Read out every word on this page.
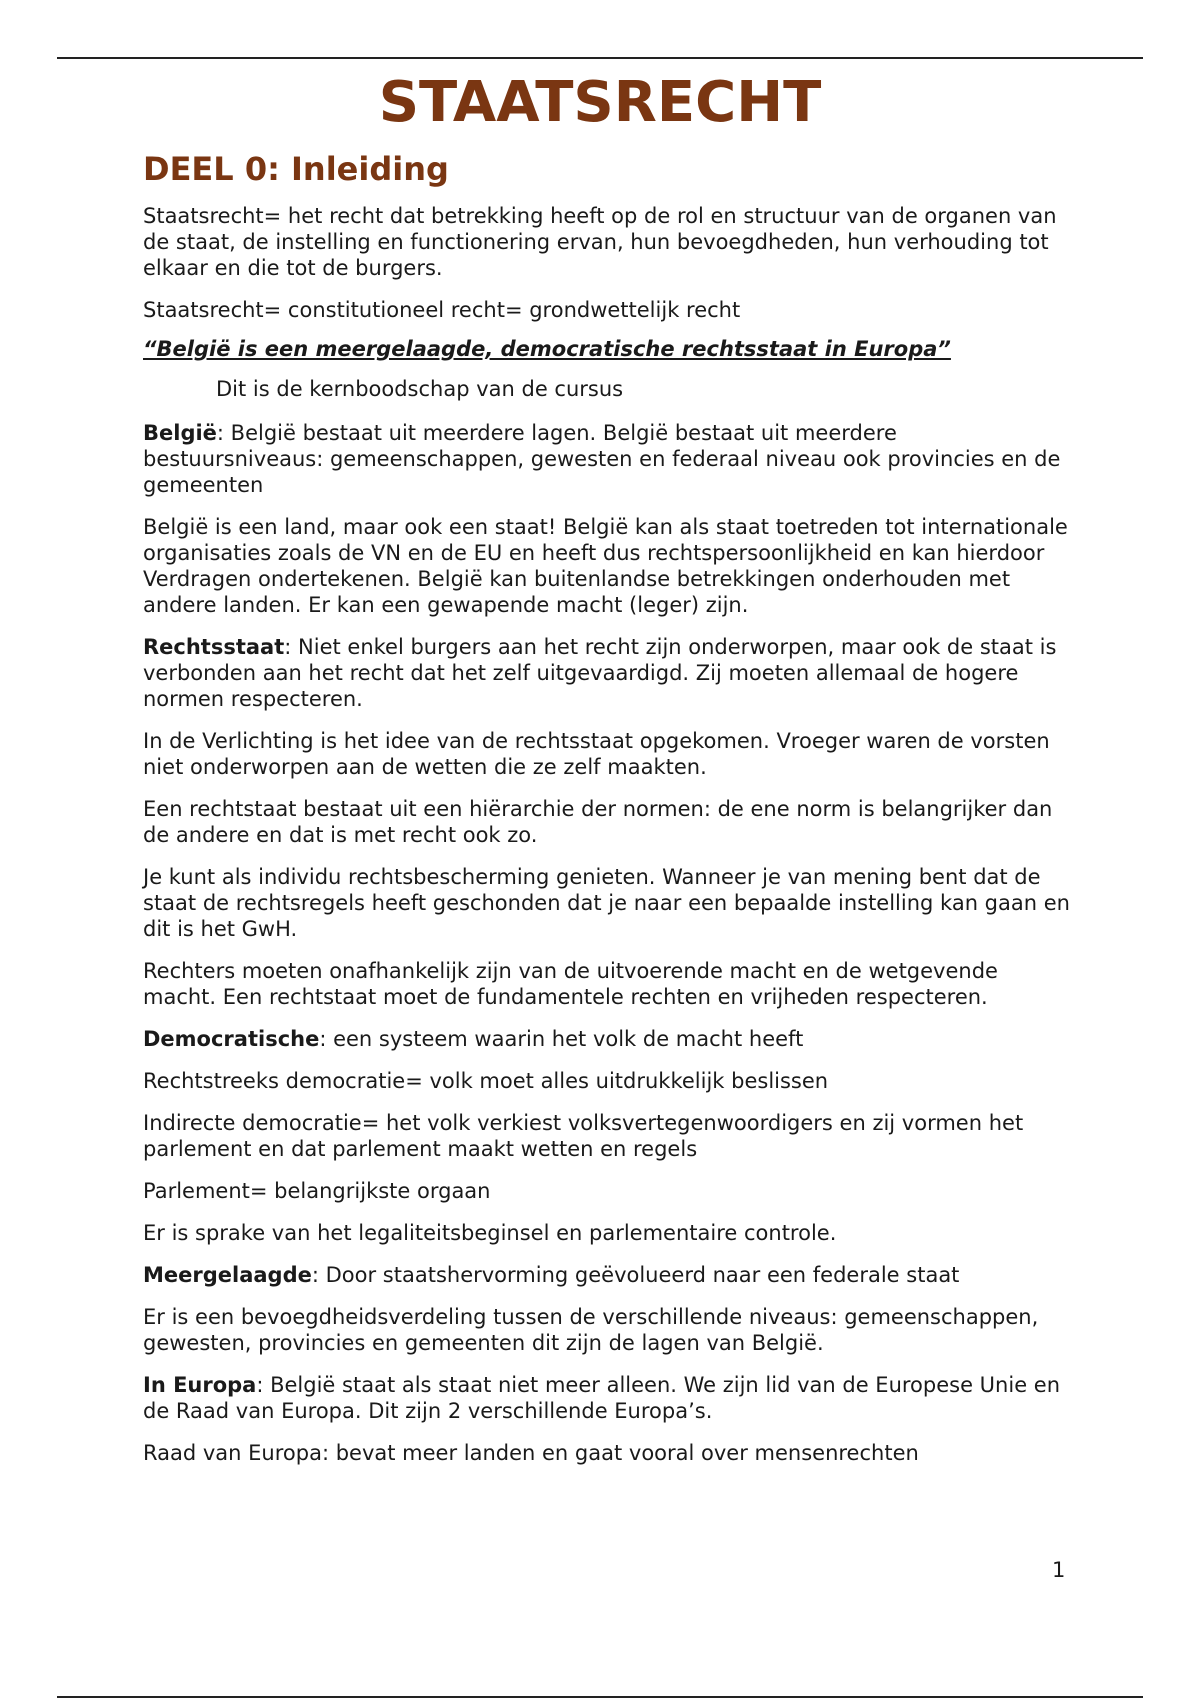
STAATSRECHT
DEEL 0: Inleiding

Staatsrecht= het recht dat betrekking heeft op de rol en structuur van de organen van de staat, de instelling en functionering ervan, hun bevoegdheden, hun verhouding tot elkaar en die tot de burgers.

Staatsrecht= constitutioneel recht= grondwettelijk recht

“België is een meergelaagde, democratische rechtsstaat in Europa”

Dit is de kernboodschap van de cursus

België: België bestaat uit meerdere lagen. België bestaat uit meerdere bestuursniveaus: gemeenschappen, gewesten en federaal niveau ook provincies en de gemeenten

België is een land, maar ook een staat! België kan als staat toetreden tot internationale organisaties zoals de VN en de EU en heeft dus rechtspersoonlijkheid en kan hierdoor Verdragen ondertekenen. België kan buitenlandse betrekkingen onderhouden met andere landen. Er kan een gewapende macht (leger) zijn.

Rechtsstaat: Niet enkel burgers aan het recht zijn onderworpen, maar ook de staat is verbonden aan het recht dat het zelf uitgevaardigd. Zij moeten allemaal de hogere normen respecteren.

In de Verlichting is het idee van de rechtsstaat opgekomen. Vroeger waren de vorsten niet onderworpen aan de wetten die ze zelf maakten.

Een rechtstaat bestaat uit een hiërarchie der normen: de ene norm is belangrijker dan de andere en dat is met recht ook zo.

Je kunt als individu rechtsbescherming genieten. Wanneer je van mening bent dat de staat de rechtsregels heeft geschonden dat je naar een bepaalde instelling kan gaan en dit is het GwH.

Rechters moeten onafhankelijk zijn van de uitvoerende macht en de wetgevende macht. Een rechtstaat moet de fundamentele rechten en vrijheden respecteren.

Democratische: een systeem waarin het volk de macht heeft

Rechtstreeks democratie= volk moet alles uitdrukkelijk beslissen

Indirecte democratie= het volk verkiest volksvertegenwoordigers en zij vormen het parlement en dat parlement maakt wetten en regels

Parlement= belangrijkste orgaan

Er is sprake van het legaliteitsbeginsel en parlementaire controle.

Meergelaagde: Door staatshervorming geëvolueerd naar een federale staat

Er is een bevoegdheidsverdeling tussen de verschillende niveaus: gemeenschappen, gewesten, provincies en gemeenten dit zijn de lagen van België.

In Europa: België staat als staat niet meer alleen. We zijn lid van de Europese Unie en de Raad van Europa. Dit zijn 2 verschillende Europa’s.

Raad van Europa: bevat meer landen en gaat vooral over mensenrechten

1
